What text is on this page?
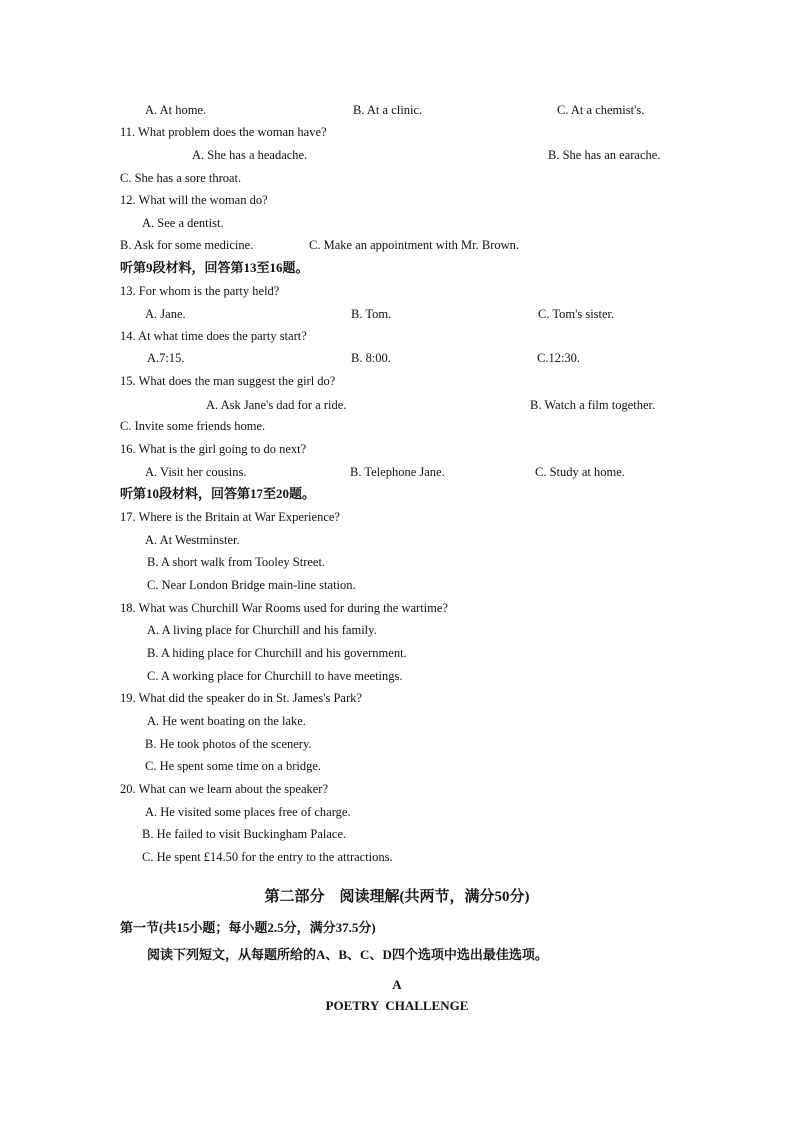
A. At home.	B. At a clinic.	C. At a chemist's.
11. What problem does the woman have?
A. She has a headache.	B. She has an earache.
C. She has a sore throat.
12. What will the woman do?
A. See a dentist.
B. Ask for some medicine.	C. Make an appointment with Mr. Brown.
听第9段材料，回答第13至16题。
13. For whom is the party held?
A. Jane.	B. Tom.	C. Tom's sister.
14. At what time does the party start?
A.7:15.	B. 8:00.	C.12:30.
15. What does the man suggest the girl do?
A. Ask Jane's dad for a ride.	B. Watch a film together.
C. Invite some friends home.
16. What is the girl going to do next?
A. Visit her cousins.	B. Telephone Jane.	C. Study at home.
听第10段材料，回答第17至20题。
17. Where is the Britain at War Experience?
A. At Westminster.
B. A short walk from Tooley Street.
C. Near London Bridge main-line station.
18. What was Churchill War Rooms used for during the wartime?
A. A living place for Churchill and his family.
B. A hiding place for Churchill and his government.
C. A working place for Churchill to have meetings.
19. What did the speaker do in St. James's Park?
A. He went boating on the lake.
B. He took photos of the scenery.
C. He spent some time on a bridge.
20. What can we learn about the speaker?
A. He visited some places free of charge.
B. He failed to visit Buckingham Palace.
C. He spent £14.50 for the entry to the attractions.
第二部分    阅读理解(共两节，满分50分)
第一节(共15小题；每小题2.5分，满分37.5分)
阅读下列短文，从每题所给的A、B、C、D四个选项中选出最佳选项。
A
POETRY  CHALLENGE
